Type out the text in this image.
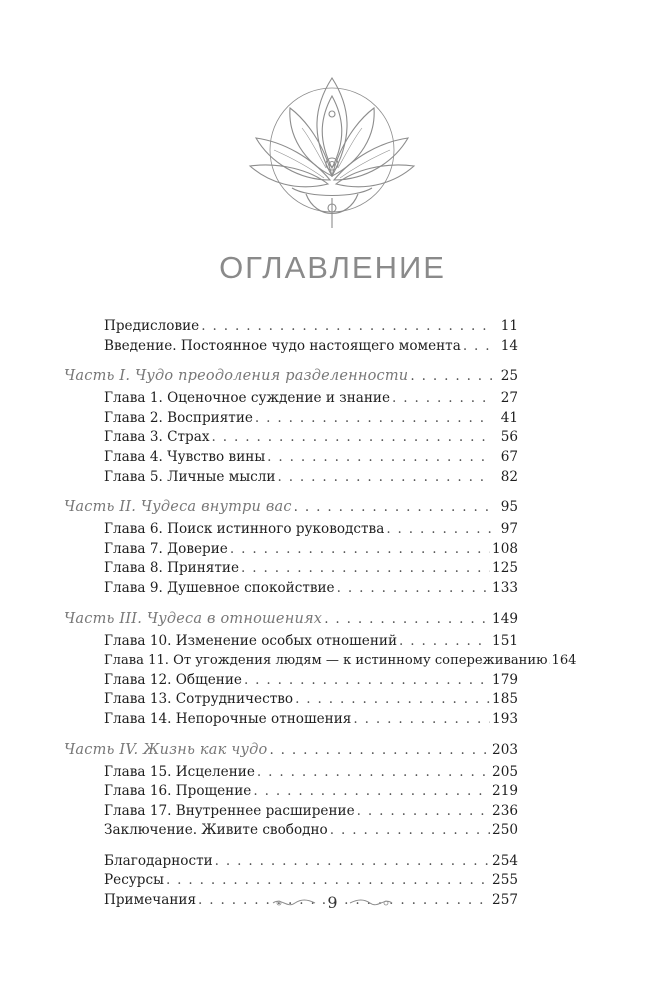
ОГЛАВЛЕНИЕ
Предисловие . . .	11
Введение. Постоянное чудо настоящего момента . . .	14
Часть I. Чудо преодоления разделенности . . .	25
Глава 1. Оценочное суждение и знание . . .	27
Глава 2. Восприятие . . .	41
Глава 3. Страх . . .	56
Глава 4. Чувство вины . . .	67
Глава 5. Личные мысли . . .	82
Часть II. Чудеса внутри вас . . .	95
Глава 6. Поиск истинного руководства . . .	97
Глава 7. Доверие . . .	108
Глава 8. Принятие . . .	125
Глава 9. Душевное спокойствие . . .	133
Часть III. Чудеса в отношениях . . .	149
Глава 10. Изменение особых отношений . . .	151
Глава 11. От угождения людям — к истинному сопереживанию . . . 164
Глава 12. Общение . . .	179
Глава 13. Сотрудничество . . .	185
Глава 14. Непорочные отношения . . .	193
Часть IV. Жизнь как чудо . . .	203
Глава 15. Исцеление . . .	205
Глава 16. Прощение . . .	219
Глава 17. Внутреннее расширение . . .	236
Заключение. Живите свободно . . .	250
Благодарности . . .	254
Ресурсы . . .	255
Примечания . . .	257
9
